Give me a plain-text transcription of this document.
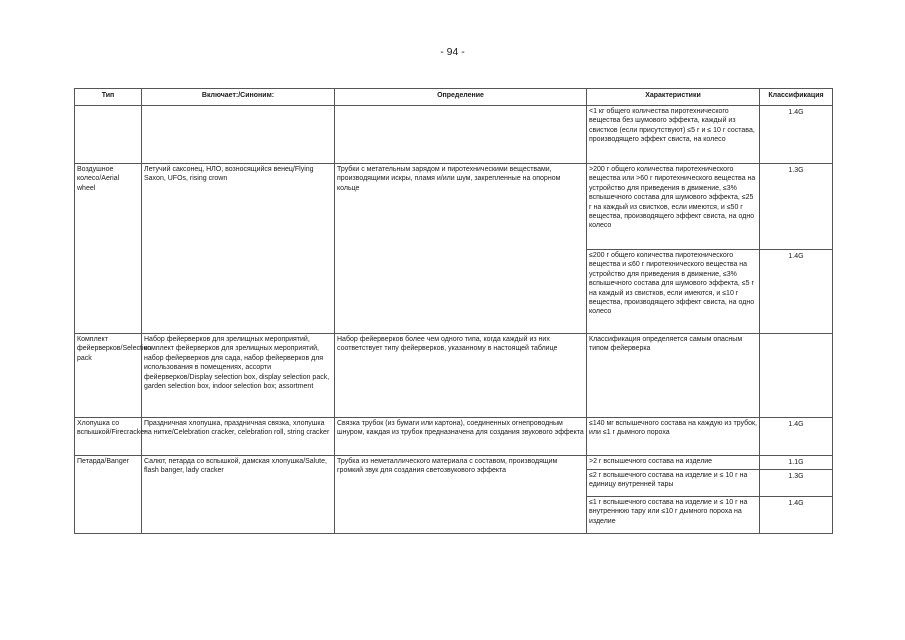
- 94 -
Тип	Включает:/Синоним:	Определение	Характеристики	Классификация

			<1 кг общего количества пиротехнического вещества без шумового эффекта, каждый из свистков (если присутствуют) ≤5 г и ≤ 10 г состава, производящего эффект свиста, на колесо	1.4G

Воздушное колесо/Aerial wheel	Летучий саксонец, НЛО, возносящийся венец/Flying Saxon, UFOs, rising crown	Трубки с метательным зарядом и пиротехническими веществами, производящими искры, пламя и/или шум, закрепленные на опорном кольце	>200 г общего количества пиротехнического вещества или >60 г пиротехнического вещества на устройство для приведения в движение, ≤3% вспышечного состава для шумового эффекта, ≤25 г на каждый из свистков, если имеются, и ≤50 г вещества, производящего эффект свиста, на одно колесо	1.3G

			≤200 г общего количества пиротехнического вещества и ≤60 г пиротехнического вещества на устройство для приведения в движение, ≤3% вспышечного состава для шумового эффекта, ≤5 г на каждый из свистков, если имеются, и ≤10 г вещества, производящего эффект свиста, на одно колесо	1.4G

Комплект фейерверков/Selection pack	Набор фейерверков для зрелищных мероприятий, комплект фейерверков для зрелищных мероприятий, набор фейерверков для сада, набор фейерверков для использования в помещениях, ассорти фейерверков/Display selection box, display selection pack, garden selection box, indoor selection box; assortment	Набор фейерверков более чем одного типа, когда каждый из них соответствует типу фейерверков, указанному в настоящей таблице	Классификация определяется самым опасным типом фейерверка	

Хлопушка со вспышкой/Firecracker	Праздничная хлопушка, праздничная связка, хлопушка на нитке/Celebration cracker, celebration roll, string cracker	Связка трубок (из бумаги или картона), соединенных огнепроводным шнуром, каждая из трубок предназначена для создания звукового эффекта	≤140 мг вспышечного состава на каждую из трубок, или ≤1 г дымного пороха	1.4G

Петарда/Banger	Салют, петарда со вспышкой, дамская хлопушка/Salute, flash banger, lady cracker	Трубка из неметаллического материала с составом, производящим громкий звук для создания светозвукового эффекта	>2 г вспышечного состава на изделие	1.1G

			≤2 г вспышечного состава на изделие и ≤ 10 г на единицу внутренней тары	1.3G

			≤1 г вспышечного состава на изделие и ≤ 10 г на внутреннюю тару или ≤10 г дымного пороха на изделие	1.4G
